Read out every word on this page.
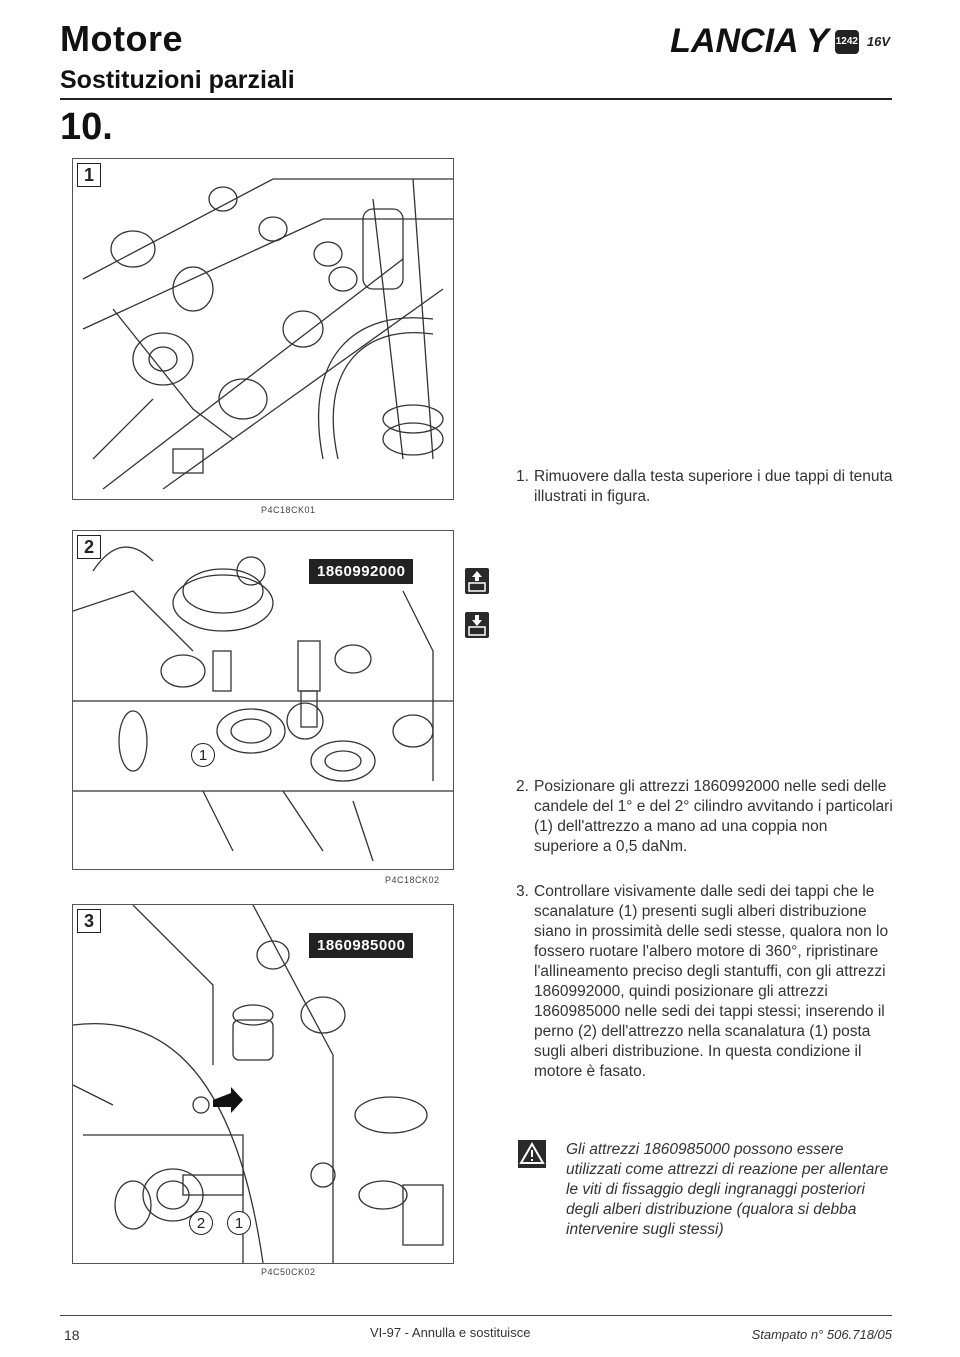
Motore
Sostituzioni parziali
LANCIA Y 1242 16V
10.
1
P4C18CK01
2
1860992000
1
P4C18CK02
3
1860985000
2	1
P4C50CK02
1. Rimuovere dalla testa superiore i due tappi di tenuta illustrati in figura.
2. Posizionare gli attrezzi 1860992000 nelle sedi delle candele del 1° e del 2° cilindro avvitando i particolari (1) dell'attrezzo a mano ad una coppia non superiore a 0,5 daNm.
3. Controllare visivamente dalle sedi dei tappi che le scanalature (1) presenti sugli alberi distribuzione siano in prossimità delle sedi stesse, qualora non lo fossero ruotare l'albero motore di 360°, ripristinare l'allineamento preciso degli stantuffi, con gli attrezzi 1860992000, quindi posizionare gli attrezzi 1860985000 nelle sedi dei tappi stessi; inserendo il perno (2) dell'attrezzo nella scanalatura (1) posta sugli alberi distribuzione. In questa condizione il motore è fasato.
Gli attrezzi 1860985000 possono essere utilizzati come attrezzi di reazione per allentare le viti di fissaggio degli ingranaggi posteriori degli alberi distribuzione (qualora si debba intervenire sugli stessi)
18	VI-97 - Annulla e sostituisce	Stampato n° 506.718/05
